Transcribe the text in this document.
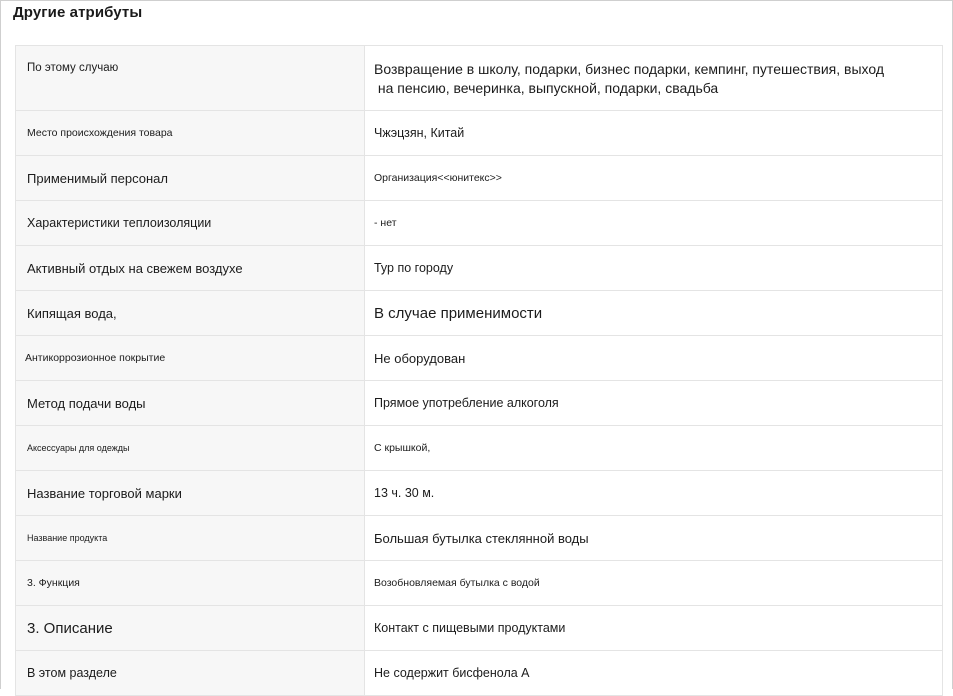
Другие атрибуты
По этому случаю	Возвращение в школу, подарки, бизнес подарки, кемпинг, путешествия, выход
на пенсию, вечеринка, выпускной, подарки, свадьба

Место происхождения товара	Чжэцзян, Китай
Применимый персонал	Организация<<юнитекс>>
Характеристики теплоизоляции	- нет
Активный отдых на свежем воздухе	Тур по городу
Кипящая вода,	В случае применимости
Антикоррозионное покрытие	Не оборудован
Метод подачи воды	Прямое употребление алкоголя
Аксессуары для одежды	С крышкой,
Название торговой марки	13 ч. 30 м.
Название продукта	Большая бутылка стеклянной воды
3. Функция	Возобновляемая бутылка с водой
3. Описание	Контакт с пищевыми продуктами
В этом разделе	Не содержит бисфенола А
